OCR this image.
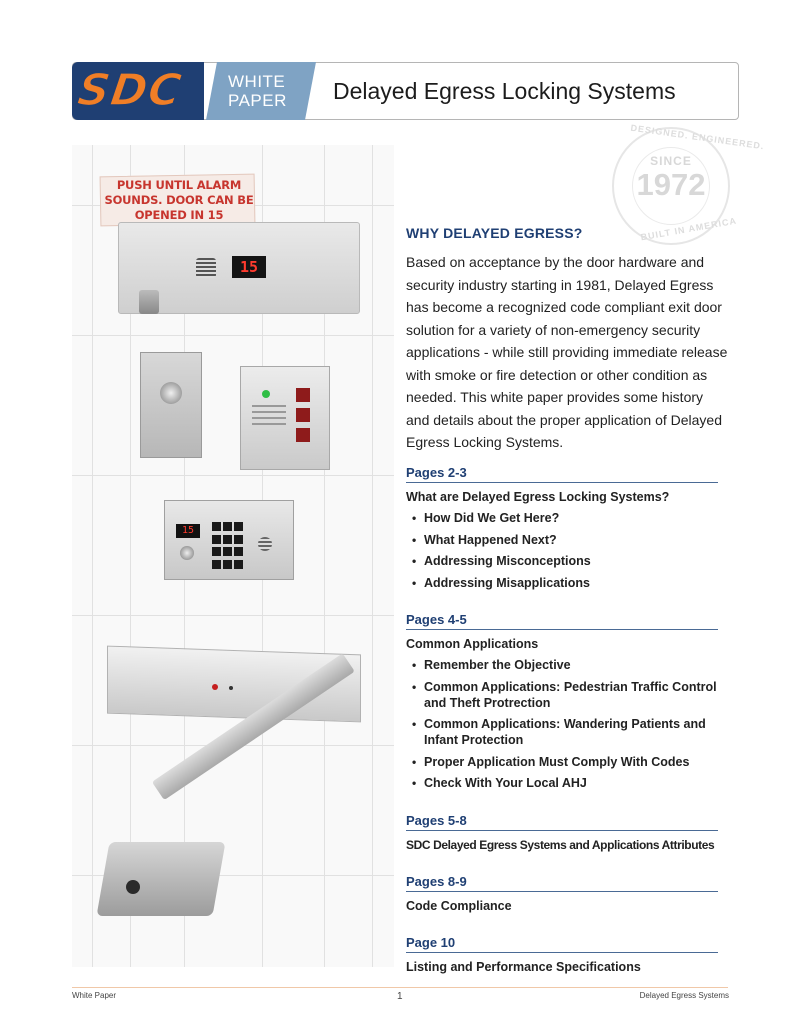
SDC	WHITE
PAPER Delayed Egress Locking Systems
PUSH UNTIL ALARM SOUNDS. DOOR CAN BE OPENED IN 15
15
15
DESIGNED. ENGINEERED.
SINCE
1972
BUILT IN AMERICA
WHY DELAYED EGRESS?
Based on acceptance by the door hardware and security industry starting in 1981, Delayed Egress has become a recognized code compliant exit door solution for a variety of non-emergency security applications - while still providing immediate release with smoke or fire detection or other condition as needed. This white paper provides some history and details about the proper application of Delayed Egress Locking Systems.
Pages 2-3
What are Delayed Egress Locking Systems?
• How Did We Get Here?
• What Happened Next?
• Addressing Misconceptions
• Addressing Misapplications
Pages 4-5
Common Applications
• Remember the Objective
• Common Applications: Pedestrian Traffic Control and Theft Protrection
• Common Applications: Wandering Patients and Infant Protection
• Proper Application Must Comply With Codes
• Check With Your Local AHJ
Pages 5-8
SDC Delayed Egress Systems and Applications Attributes
Pages 8-9
Code Compliance
Page 10
Listing and Performance Specifications
White Paper	1	Delayed Egress Systems
